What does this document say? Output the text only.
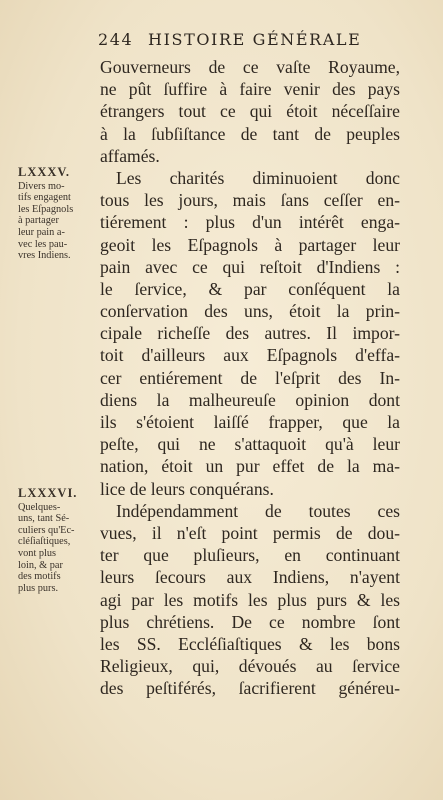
244 HISTOIRE GÉNÉRALE
LXXXV.
Divers mo-
tifs engagent
les Eſpagnols
à partager
leur pain a-
vec les pau-
vres Indiens.
LXXXVI.
Quelques-
uns, tant Sé-
culiers qu'Ec-
cléſiaſtiques,
vont plus
loin, & par
des motifs
plus purs.
Gouverneurs de ce vaſte Royaume,
ne pût ſuffire à faire venir des pays
étrangers tout ce qui étoit néceſſaire
à la ſubſiſtance de tant de peuples
affamés.
Les charités diminuoient donc
tous les jours, mais ſans ceſſer en-
tiérement : plus d'un intérêt enga-
geoit les Eſpagnols à partager leur
pain avec ce qui reſtoit d'Indiens :
le ſervice, & par conſéquent la
conſervation des uns, étoit la prin-
cipale richeſſe des autres. Il impor-
toit d'ailleurs aux Eſpagnols d'effa-
cer entiérement de l'eſprit des In-
diens la malheureuſe opinion dont
ils s'étoient laiſſé frapper, que la
peſte, qui ne s'attaquoit qu'à leur
nation, étoit un pur effet de la ma-
lice de leurs conquérans.
Indépendamment de toutes ces
vues, il n'eſt point permis de dou-
ter que pluſieurs, en continuant
leurs ſecours aux Indiens, n'ayent
agi par les motifs les plus purs & les
plus chrétiens. De ce nombre ſont
les SS. Eccléſiaſtiques & les bons
Religieux, qui, dévoués au ſervice
des peſtiférés, ſacrifierent généreu-
